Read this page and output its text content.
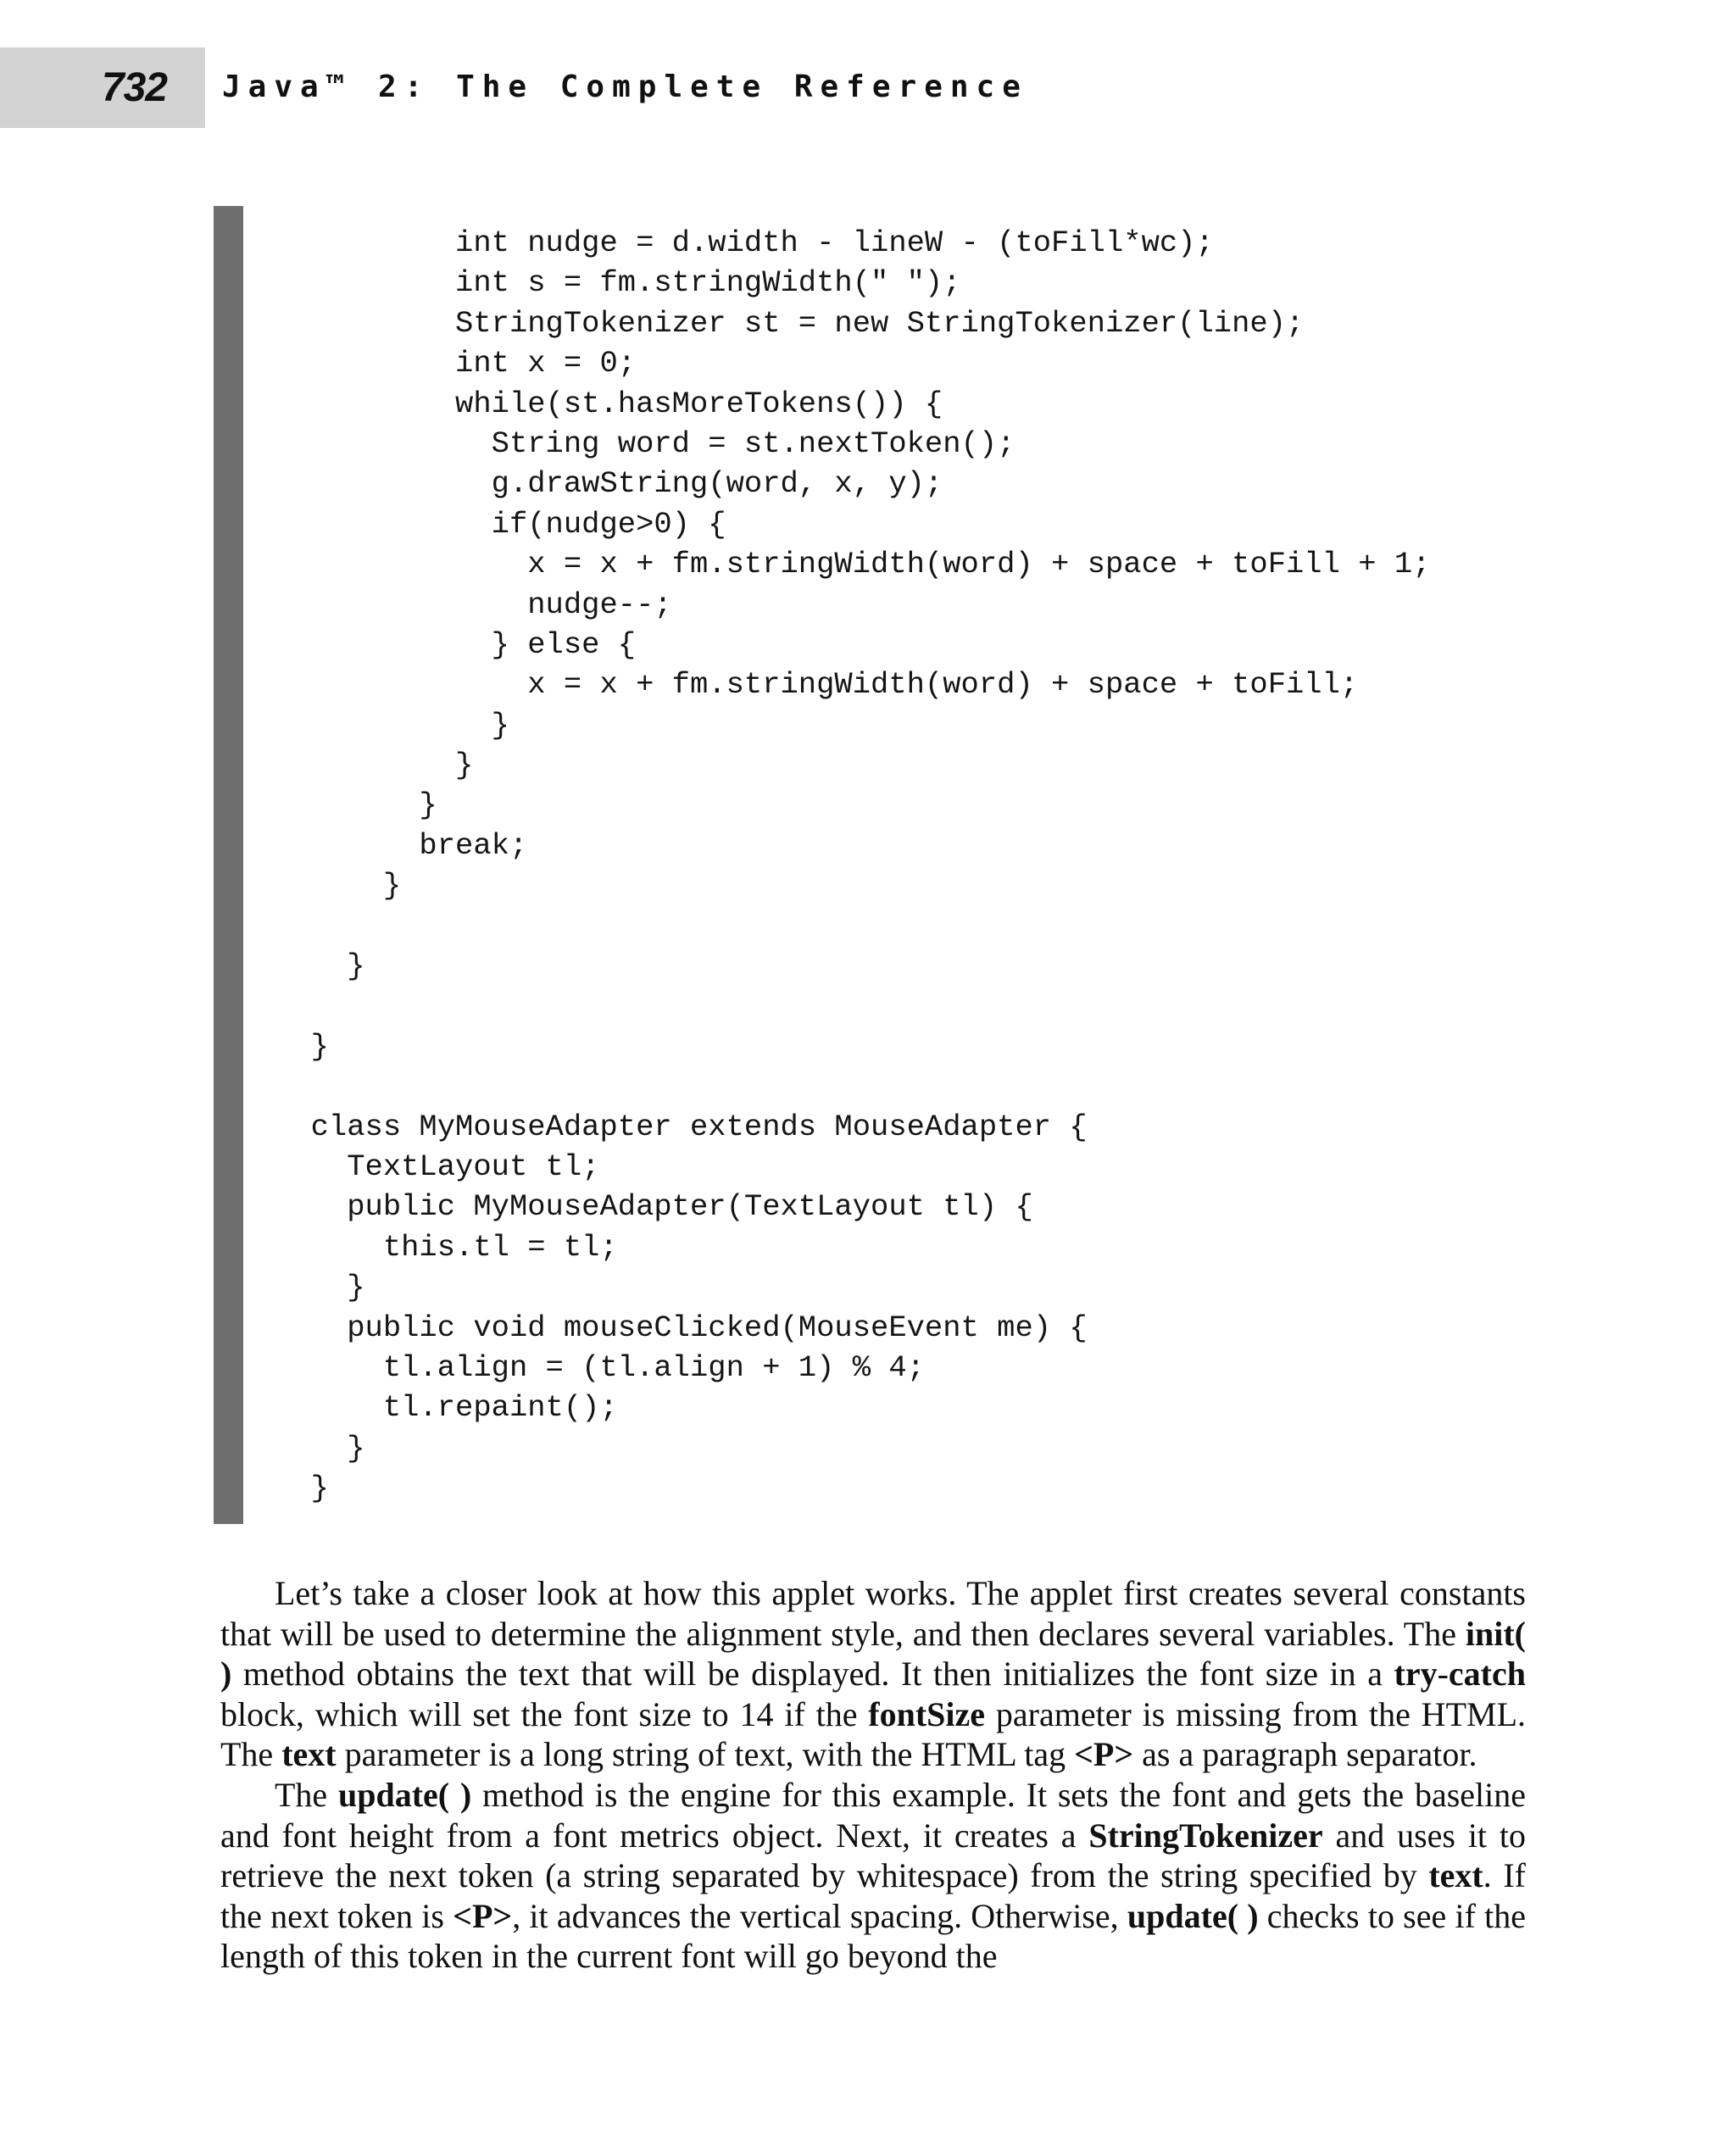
732 Java™ 2: The Complete Reference
int nudge = d.width - lineW - (toFill*wc);
int s = fm.stringWidth(" ");
StringTokenizer st = new StringTokenizer(line);
int x = 0;
while(st.hasMoreTokens()) {
String word = st.nextToken();
g.drawString(word, x, y);
if(nudge>0) {
x = x + fm.stringWidth(word) + space + toFill + 1;
nudge--;
} else {
x = x + fm.stringWidth(word) + space + toFill;
}
}
}
break;
}
}
}
class MyMouseAdapter extends MouseAdapter {
TextLayout tl;
public MyMouseAdapter(TextLayout tl) {
this.tl = tl;
}
public void mouseClicked(MouseEvent me) {
tl.align = (tl.align + 1) % 4;
tl.repaint();
}
}

Let’s take a closer look at how this applet works. The applet first creates several constants that will be used to determine the alignment style, and then declares several variables. The init( ) method obtains the text that will be displayed. It then initializes the font size in a try-catch block, which will set the font size to 14 if the fontSize parameter is missing from the HTML. The text parameter is a long string of text, with the HTML tag <P> as a paragraph separator.

The update( ) method is the engine for this example. It sets the font and gets the baseline and font height from a font metrics object. Next, it creates a StringTokenizer and uses it to retrieve the next token (a string separated by whitespace) from the string specified by text. If the next token is <P>, it advances the vertical spacing. Otherwise, update( ) checks to see if the length of this token in the current font will go beyond the
